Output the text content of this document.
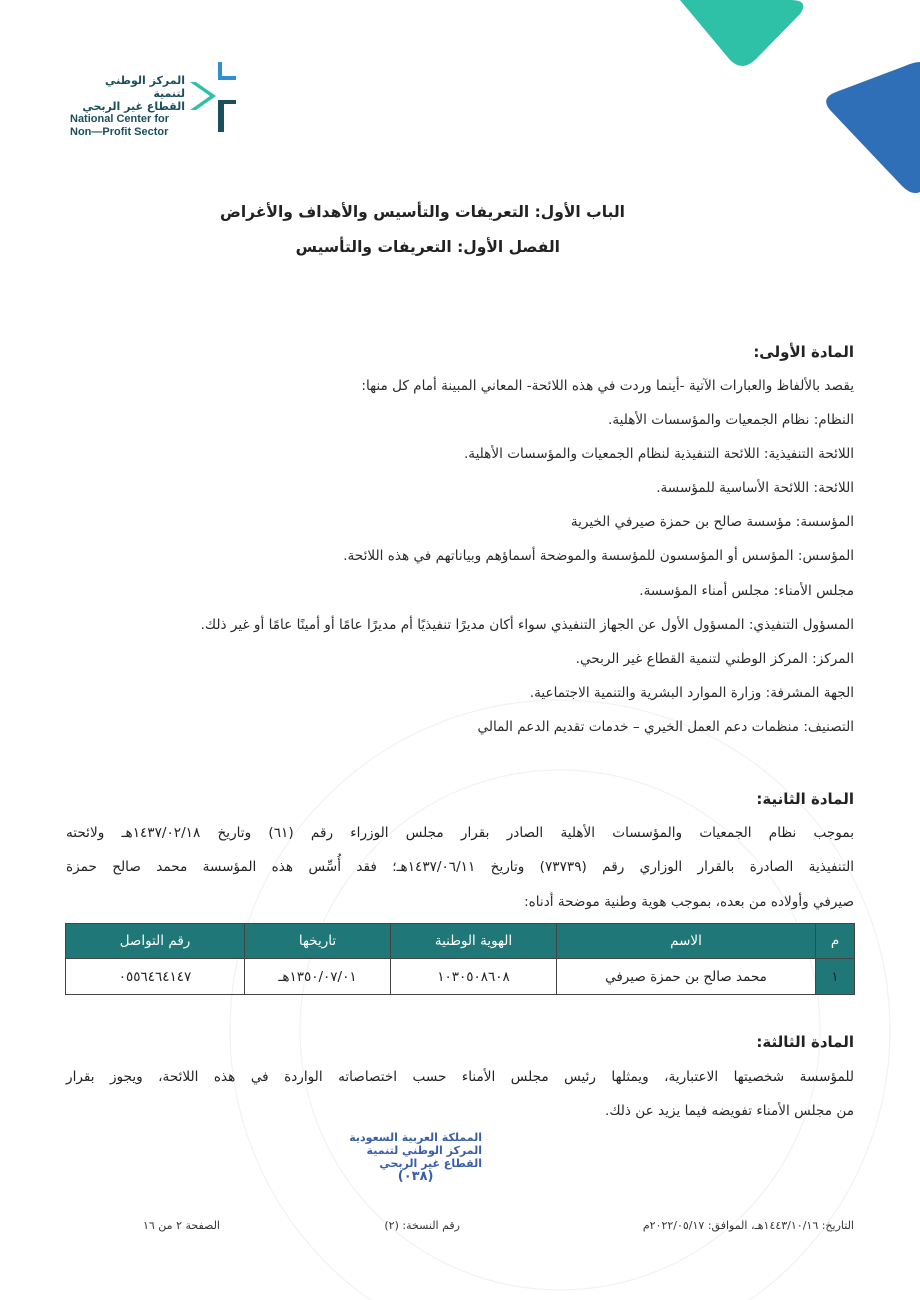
المركز الوطني لتنمية
القطاع غير الربحي
National Center for
Non—Profit Sector
الباب الأول: التعريفات والتأسيس والأهداف والأغراض
الفصل الأول: التعريفات والتأسيس
المادة الأولى:
يقصد بالألفاظ والعبارات الآتية -أينما وردت في هذه اللائحة- المعاني المبينة أمام كل منها:
النظام: نظام الجمعيات والمؤسسات الأهلية.
اللائحة التنفيذية: اللائحة التنفيذية لنظام الجمعيات والمؤسسات الأهلية.
اللائحة: اللائحة الأساسية للمؤسسة.
المؤسسة: مؤسسة صالح بن حمزة صيرفي الخيرية
المؤسس: المؤسس أو المؤسسون للمؤسسة والموضحة أسماؤهم وبياناتهم في هذه اللائحة.
مجلس الأمناء: مجلس أمناء المؤسسة.
المسؤول التنفيذي: المسؤول الأول عن الجهاز التنفيذي سواء أكان مديرًا تنفيذيًا أم مديرًا عامًا أو أمينًا عامًا أو غير ذلك.
المركز: المركز الوطني لتنمية القطاع غير الربحي.
الجهة المشرفة: وزارة الموارد البشرية والتنمية الاجتماعية.
التصنيف: منظمات دعم العمل الخيري – خدمات تقديم الدعم المالي
المادة الثانية:
بموجب نظام الجمعيات والمؤسسات الأهلية الصادر بقرار مجلس الوزراء رقم (٦١) وتاريخ ١٤٣٧/٠٢/١٨هـ ولائحته
التنفيذية الصادرة بالقرار الوزاري رقم (٧٣٧٣٩) وتاريخ ١٤٣٧/٠٦/١١هـ؛ فقد أُسِّس هذه المؤسسة محمد صالح حمزة
صيرفي وأولاده من بعده، بموجب هوية وطنية موضحة أدناه:
م	الاسم	الهوية الوطنية	تاريخها	رقم التواصل
١	محمد صالح بن حمزة صيرفي	١٠٣٠٥٠٨٦٠٨	١٣٥٠/٠٧/٠١هـ	٠٥٥٦٤٦٤١٤٧
المادة الثالثة:
للمؤسسة شخصيتها الاعتبارية، ويمثلها رئيس مجلس الأمناء حسب اختصاصاته الواردة في هذه اللائحة، ويجوز بقرار
من مجلس الأمناء تفويضه فيما يزيد عن ذلك.
المملكة العربية السعودية
المركز الوطني لتنمية
القطاع غير الربحي
(٠٣٨)
التاريخ: ١٤٤٣/١٠/١٦هـ، الموافق: ٢٠٢٢/٠٥/١٧م
رقم النسخة: (٢)
الصفحة ٢ من ١٦
